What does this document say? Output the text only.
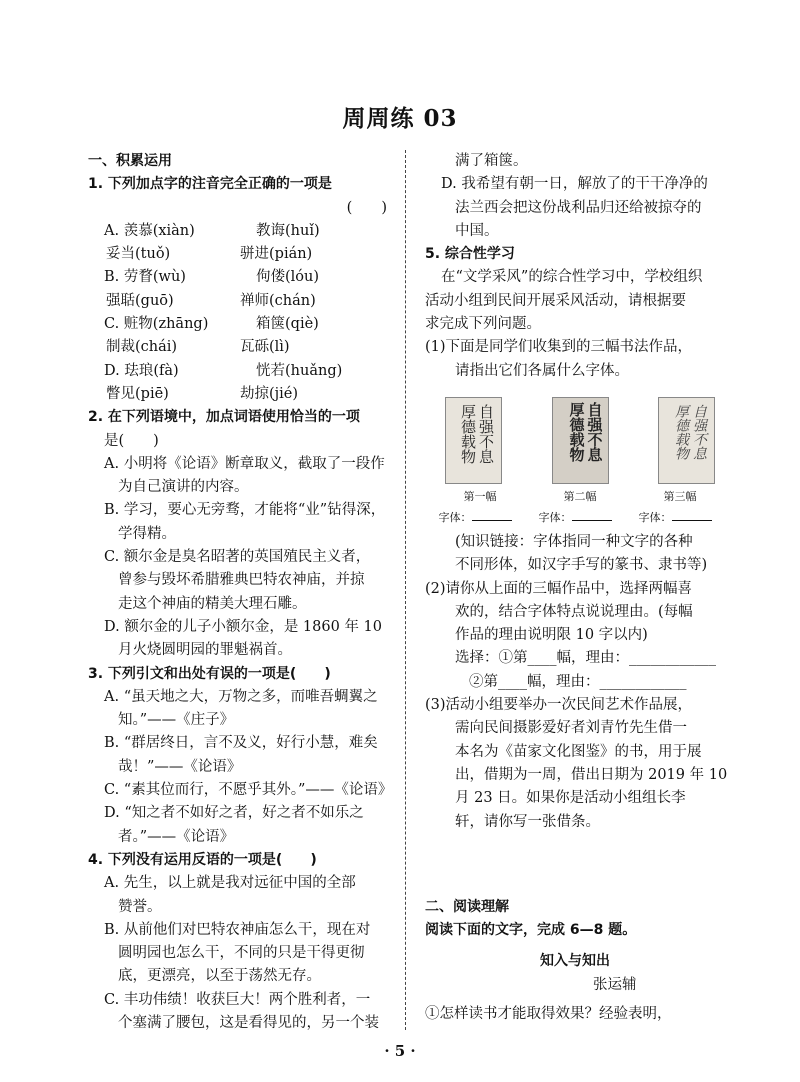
周周练 03
一、积累运用
1. 下列加点字的注音完全正确的一项是
(　　)
A. 羡慕(xiàn)	教诲(huǐ)
妥当(tuǒ)	骈进(pián)
B. 劳瞀(wù)	佝偻(lóu)
强聒(guō)	禅师(chán)
C. 赃物(zhāng)	箱箧(qiè)
制裁(chái)	瓦砾(lì)
D. 珐琅(fà)	恍若(huǎng)
瞥见(piē)	劫掠(jié)
2. 在下列语境中，加点词语使用恰当的一项
是(　　)
A. 小明将《论语》断章取义，截取了一段作
为自己演讲的内容。
B. 学习，要心无旁骛，才能将“业”钻得深，
学得精。
C. 额尔金是臭名昭著的英国殖民主义者，
曾参与毁坏希腊雅典巴特农神庙，并掠
走这个神庙的精美大理石雕。
D. 额尔金的儿子小额尔金，是 1860 年 10
月火烧圆明园的罪魁祸首。
3. 下列引文和出处有误的一项是(　　)
A. “虽天地之大，万物之多，而唯吾蜩翼之
知。”——《庄子》
B. “群居终日，言不及义，好行小慧，难矣
哉！”——《论语》
C. “素其位而行，不愿乎其外。”——《论语》
D. “知之者不如好之者，好之者不如乐之
者。”——《论语》
4. 下列没有运用反语的一项是(　　)
A. 先生，以上就是我对远征中国的全部
赞誉。
B. 从前他们对巴特农神庙怎么干，现在对
圆明园也怎么干，不同的只是干得更彻
底，更漂亮，以至于荡然无存。
C. 丰功伟绩！收获巨大！两个胜利者，一
个塞满了腰包，这是看得见的，另一个装
满了箱箧。
D. 我希望有朝一日，解放了的干干净净的
法兰西会把这份战利品归还给被掠夺的
中国。
5. 综合性学习
在“文学采风”的综合性学习中，学校组织
活动小组到民间开展采风活动，请根据要
求完成下列问题。
(1)下面是同学们收集到的三幅书法作品，
请指出它们各属什么字体。
自强不息 厚德载物	自强不息 厚德载物	自强不息 厚德载物
第一幅	第二幅	第三幅
字体：	字体：	字体：
(知识链接：字体指同一种文字的各种
不同形体，如汉字手写的篆书、隶书等)
(2)请你从上面的三幅作品中，选择两幅喜
欢的，结合字体特点说说理由。(每幅
作品的理由说明限 10 字以内)
选择：①第____幅，理由：____________
②第____幅，理由：____________
(3)活动小组要举办一次民间艺术作品展，
需向民间摄影爱好者刘青竹先生借一
本名为《苗家文化图鉴》的书，用于展
出，借期为一周，借出日期为 2019 年 10
月 23 日。如果你是活动小组组长李
轩，请你写一张借条。
二、阅读理解
阅读下面的文字，完成 6—8 题。
知入与知出
张运辅
①怎样读书才能取得效果？经验表明，
· 5 ·
